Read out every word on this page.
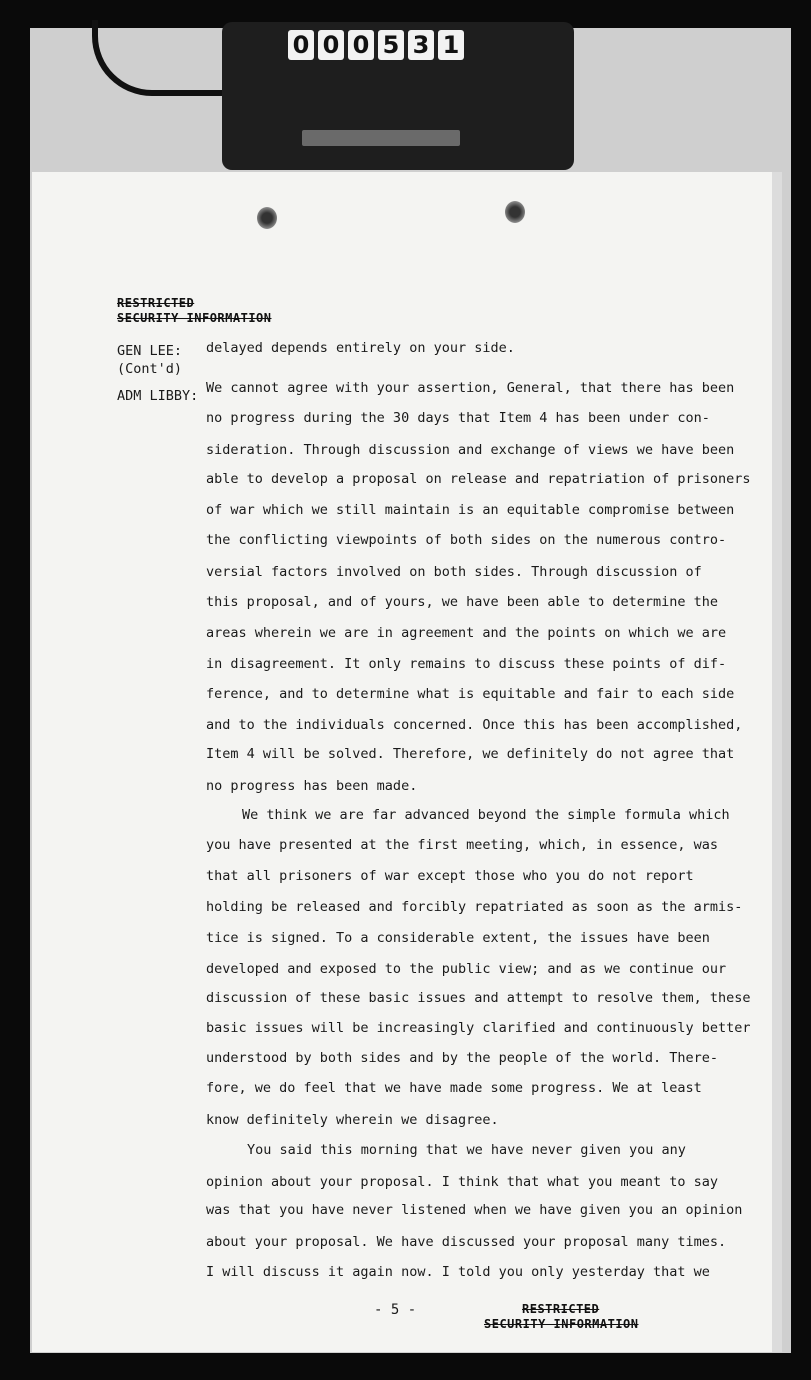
0 0 0 5 3 1
RESTRICTED
SECURITY INFORMATION
GEN LEE:
(Cont'd)
ADM LIBBY:
delayed depends entirely on your side.
We cannot agree with your assertion, General, that there has been
no progress during the 30 days that Item 4 has been under con-
sideration. Through discussion and exchange of views we have been
able to develop a proposal on release and repatriation of prisoners
of war which we still maintain is an equitable compromise between
the conflicting viewpoints of both sides on the numerous contro-
versial factors involved on both sides. Through discussion of
this proposal, and of yours, we have been able to determine the
areas wherein we are in agreement and the points on which we are
in disagreement. It only remains to discuss these points of dif-
ference, and to determine what is equitable and fair to each side
and to the individuals concerned. Once this has been accomplished,
Item 4 will be solved. Therefore, we definitely do not agree that
no progress has been made.
We think we are far advanced beyond the simple formula which
you have presented at the first meeting, which, in essence, was
that all prisoners of war except those who you do not report
holding be released and forcibly repatriated as soon as the armis-
tice is signed. To a considerable extent, the issues have been
developed and exposed to the public view; and as we continue our
discussion of these basic issues and attempt to resolve them, these
basic issues will be increasingly clarified and continuously better
understood by both sides and by the people of the world. There-
fore, we do feel that we have made some progress. We at least
know definitely wherein we disagree.
You said this morning that we have never given you any
opinion about your proposal. I think that what you meant to say
was that you have never listened when we have given you an opinion
about your proposal. We have discussed your proposal many times.
I will discuss it again now. I told you only yesterday that we
- 5 -	RESTRICTED
SECURITY INFORMATION
